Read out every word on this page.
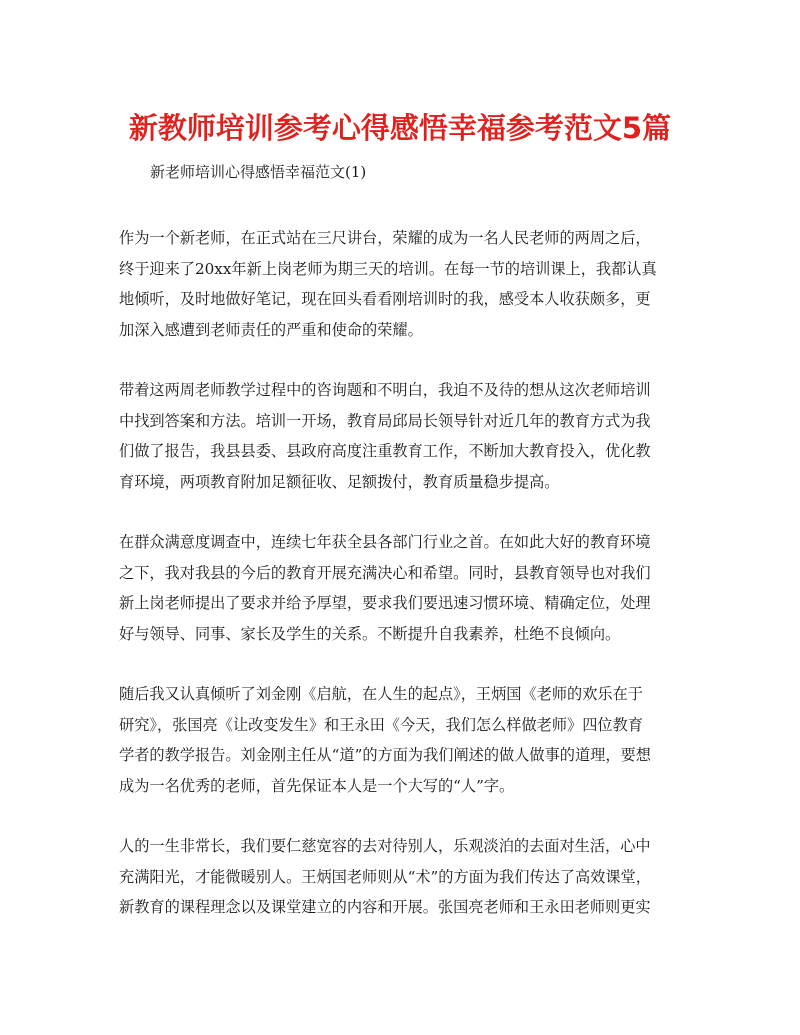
新教师培训参考心得感悟幸福参考范文5篇

新老师培训心得感悟幸福范文(1)

作为一个新老师，在正式站在三尺讲台，荣耀的成为一名人民老师的两周之后，
终于迎来了20xx年新上岗老师为期三天的培训。在每一节的培训课上，我都认真
地倾听，及时地做好笔记，现在回头看看刚培训时的我，感受本人收获颇多，更
加深入感遭到老师责任的严重和使命的荣耀。

带着这两周老师教学过程中的咨询题和不明白，我迫不及待的想从这次老师培训
中找到答案和方法。培训一开场，教育局邱局长领导针对近几年的教育方式为我
们做了报告，我县县委、县政府高度注重教育工作，不断加大教育投入，优化教
育环境，两项教育附加足额征收、足额拨付，教育质量稳步提高。

在群众满意度调查中，连续七年获全县各部门行业之首。在如此大好的教育环境
之下，我对我县的今后的教育开展充满决心和希望。同时，县教育领导也对我们
新上岗老师提出了要求并给予厚望，要求我们要迅速习惯环境、精确定位，处理
好与领导、同事、家长及学生的关系。不断提升自我素养，杜绝不良倾向。

随后我又认真倾听了刘金刚《启航，在人生的起点》，王炳国《老师的欢乐在于
研究》，张国亮《让改变发生》和王永田《今天，我们怎么样做老师》四位教育
学者的教学报告。刘金刚主任从“道”的方面为我们阐述的做人做事的道理，要想
成为一名优秀的老师，首先保证本人是一个大写的“人”字。

人的一生非常长，我们要仁慈宽容的去对待别人，乐观淡泊的去面对生活，心中
充满阳光，才能微暖别人。王炳国老师则从“术”的方面为我们传达了高效课堂，
新教育的课程理念以及课堂建立的内容和开展。张国亮老师和王永田老师则更实
